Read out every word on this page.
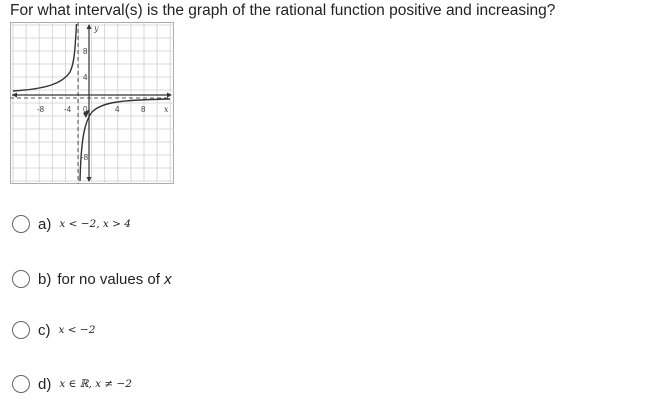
For what interval(s) is the graph of the rational function positive and increasing?
-8 -4 0	4	8 x
y
8
4
-8
a) x < −2, x > 4
b) for no values of x
c) x < −2
d) x ∈ ℝ, x ≠ −2
